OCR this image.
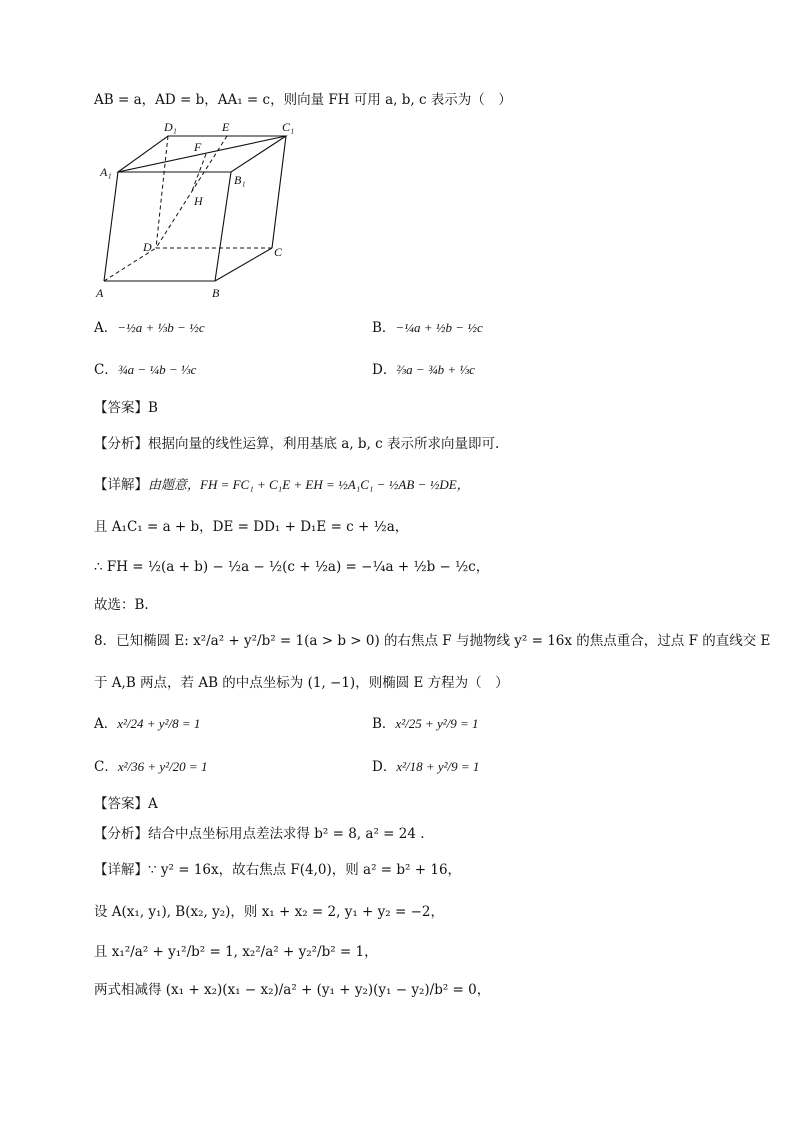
AB = a，AD = b，AA₁ = c，则向量 FH 可用 a, b, c 表示为（　）
D₁	E	C₁
A₁
F
B₁
H
D	C
A	B
A．−½a + ⅓b − ½c	B．−¼a + ½b − ½c
C．¾a − ¼b − ⅓c	D．⅔a − ¾b + ⅓c
【答案】B
【分析】根据向量的线性运算，利用基底 a, b, c 表示所求向量即可.
【详解】由题意，FH = FC₁ + C₁E + EH = ½A₁C₁ − ½AB − ½DE，
且 A₁C₁ = a + b，DE = DD₁ + D₁E = c + ½a，
∴ FH = ½(a + b) − ½a − ½(c + ½a) = −¼a + ½b − ½c，
故选：B.
8．已知椭圆 E: x²/a² + y²/b² = 1(a > b > 0) 的右焦点 F 与抛物线 y² = 16x 的焦点重合，过点 F 的直线交 E
于 A,B 两点，若 AB 的中点坐标为 (1, −1)，则椭圆 E 方程为（　）
A．x²/24 + y²/8 = 1	B．x²/25 + y²/9 = 1
C．x²/36 + y²/20 = 1	D．x²/18 + y²/9 = 1
【答案】A
【分析】结合中点坐标用点差法求得 b² = 8, a² = 24 .
【详解】∵ y² = 16x，故右焦点 F(4,0)，则 a² = b² + 16，
设 A(x₁, y₁), B(x₂, y₂)，则 x₁ + x₂ = 2, y₁ + y₂ = −2，
且 x₁²/a² + y₁²/b² = 1, x₂²/a² + y₂²/b² = 1，
两式相减得 (x₁ + x₂)(x₁ − x₂)/a² + (y₁ + y₂)(y₁ − y₂)/b² = 0，
